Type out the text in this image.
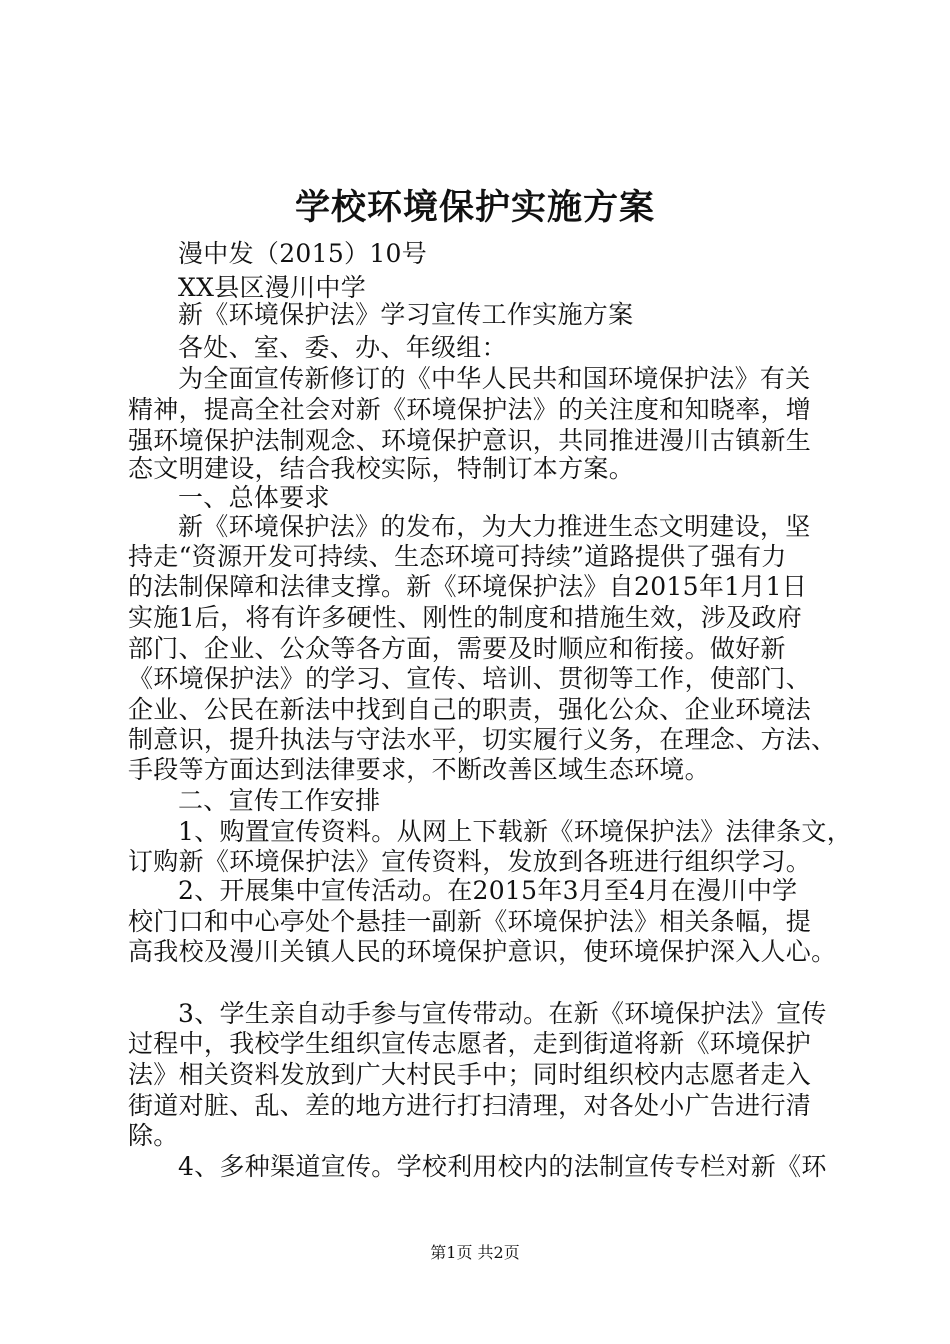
学校环境保护实施方案
漫中发（2015）10号
XX县区漫川中学
新《环境保护法》学习宣传工作实施方案
各处、室、委、办、年级组：
为全面宣传新修订的《中华人民共和国环境保护法》有关
精神，提高全社会对新《环境保护法》的关注度和知晓率，增
强环境保护法制观念、环境保护意识，共同推进漫川古镇新生
态文明建设，结合我校实际，特制订本方案。
一、总体要求
新《环境保护法》的发布，为大力推进生态文明建设，坚
持走“资源开发可持续、生态环境可持续”道路提供了强有力
的法制保障和法律支撑。新《环境保护法》自2015年1月1日
实施1后，将有许多硬性、刚性的制度和措施生效，涉及政府
部门、企业、公众等各方面，需要及时顺应和衔接。做好新
《环境保护法》的学习、宣传、培训、贯彻等工作，使部门、
企业、公民在新法中找到自己的职责，强化公众、企业环境法
制意识，提升执法与守法水平，切实履行义务，在理念、方法、
手段等方面达到法律要求，不断改善区域生态环境。
二、宣传工作安排
1、购置宣传资料。从网上下载新《环境保护法》法律条文，
订购新《环境保护法》宣传资料，发放到各班进行组织学习。
2、开展集中宣传活动。在2015年3月至4月在漫川中学
校门口和中心亭处个悬挂一副新《环境保护法》相关条幅，提
高我校及漫川关镇人民的环境保护意识，使环境保护深入人心。
3、学生亲自动手参与宣传带动。在新《环境保护法》宣传
过程中，我校学生组织宣传志愿者，走到街道将新《环境保护
法》相关资料发放到广大村民手中；同时组织校内志愿者走入
街道对脏、乱、差的地方进行打扫清理，对各处小广告进行清
除。
4、多种渠道宣传。学校利用校内的法制宣传专栏对新《环
第1页 共2页
